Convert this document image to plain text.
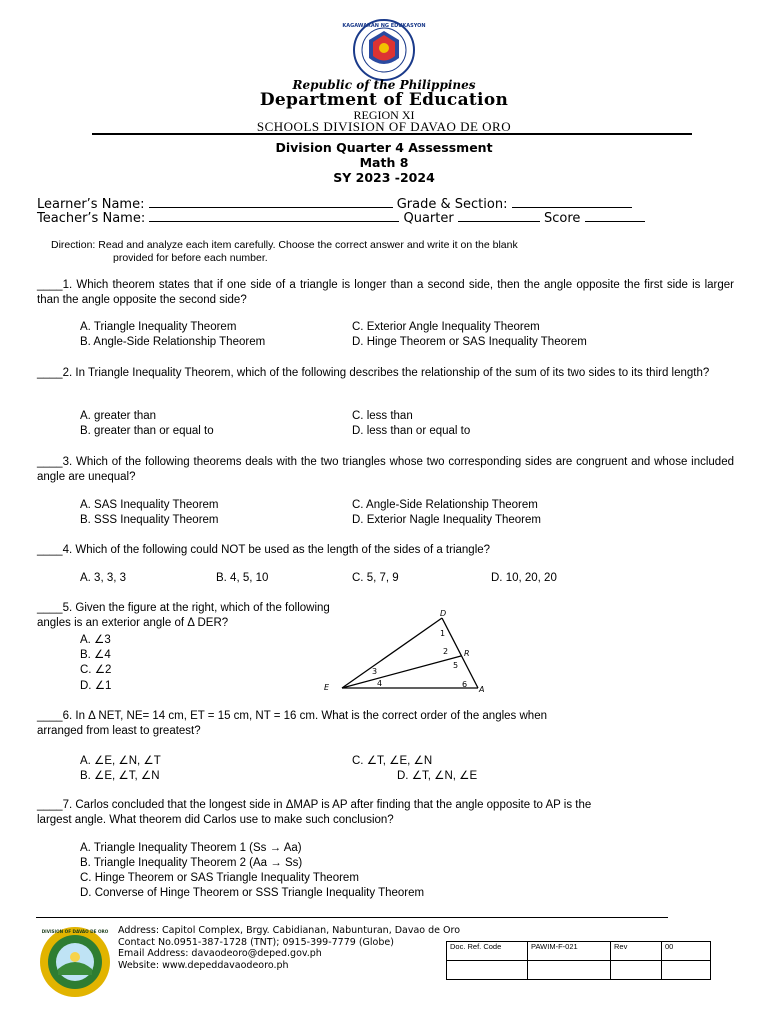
KAGAWARAN NG EDUKASYON
Republic of the Philippines
Department of Education
REGION XI
SCHOOLS DIVISION OF DAVAO DE ORO
Division Quarter 4 Assessment
Math 8
SY 2023 -2024
Learner’s Name:	Grade & Section:
Teacher’s Name:	Quarter	Score
Direction: Read and analyze each item carefully. Choose the correct answer and write it on the blank
provided for before each number.
____1. Which theorem states that if one side of a triangle is longer than a second side, then the angle opposite the first side is larger than the angle opposite the second side?
A. Triangle Inequality Theorem	C. Exterior Angle Inequality Theorem
B. Angle-Side Relationship Theorem	D. Hinge Theorem or SAS Inequality Theorem
____2. In Triangle Inequality Theorem, which of the following describes the relationship of the sum of its two sides to its third length?
A. greater than	C. less than
B. greater than or equal to	D. less than or equal to
____3. Which of the following theorems deals with the two triangles whose two corresponding sides are congruent and whose included angle are unequal?
A. SAS Inequality Theorem	C. Angle-Side Relationship Theorem
B. SSS Inequality Theorem	D. Exterior Nagle Inequality Theorem
____4. Which of the following could NOT be used as the length of the sides of a triangle?
A. 3, 3, 3	B. 4, 5, 10	C. 5, 7, 9	D. 10, 20, 20
____5. Given the figure at the right, which of the following
angles is an exterior angle of Δ DER?
A. ∠3
B. ∠4
C. ∠2
D. ∠1
D
R
E	A
1
2
3
4
5
6
____6. In Δ NET, NE= 14 cm, ET = 15 cm, NT = 16 cm. What is the correct order of the angles when
arranged from least to greatest?
A. ∠E, ∠N, ∠T	C. ∠T, ∠E, ∠N
B. ∠E, ∠T, ∠N	D. ∠T, ∠N, ∠E
____7. Carlos concluded that the longest side in ΔMAP is AP after finding that the angle opposite to AP is the
largest angle. What theorem did Carlos use to make such conclusion?
A. Triangle Inequality Theorem 1 (Ss → Aa)
B. Triangle Inequality Theorem 2 (Aa → Ss)
C. Hinge Theorem or SAS Triangle Inequality Theorem
D. Converse of Hinge Theorem or SSS Triangle Inequality Theorem
DIVISION OF DAVAO DE ORO Address: Capitol Complex, Brgy. Cabidianan, Nabunturan, Davao de Oro
Contact No.0951-387-1728 (TNT); 0915-399-7779 (Globe)
Email Address: davaodeoro@deped.gov.ph
Website: www.depeddavaodeoro.ph
Doc. Ref. Code	PAWIM-F-021	Rev	00
